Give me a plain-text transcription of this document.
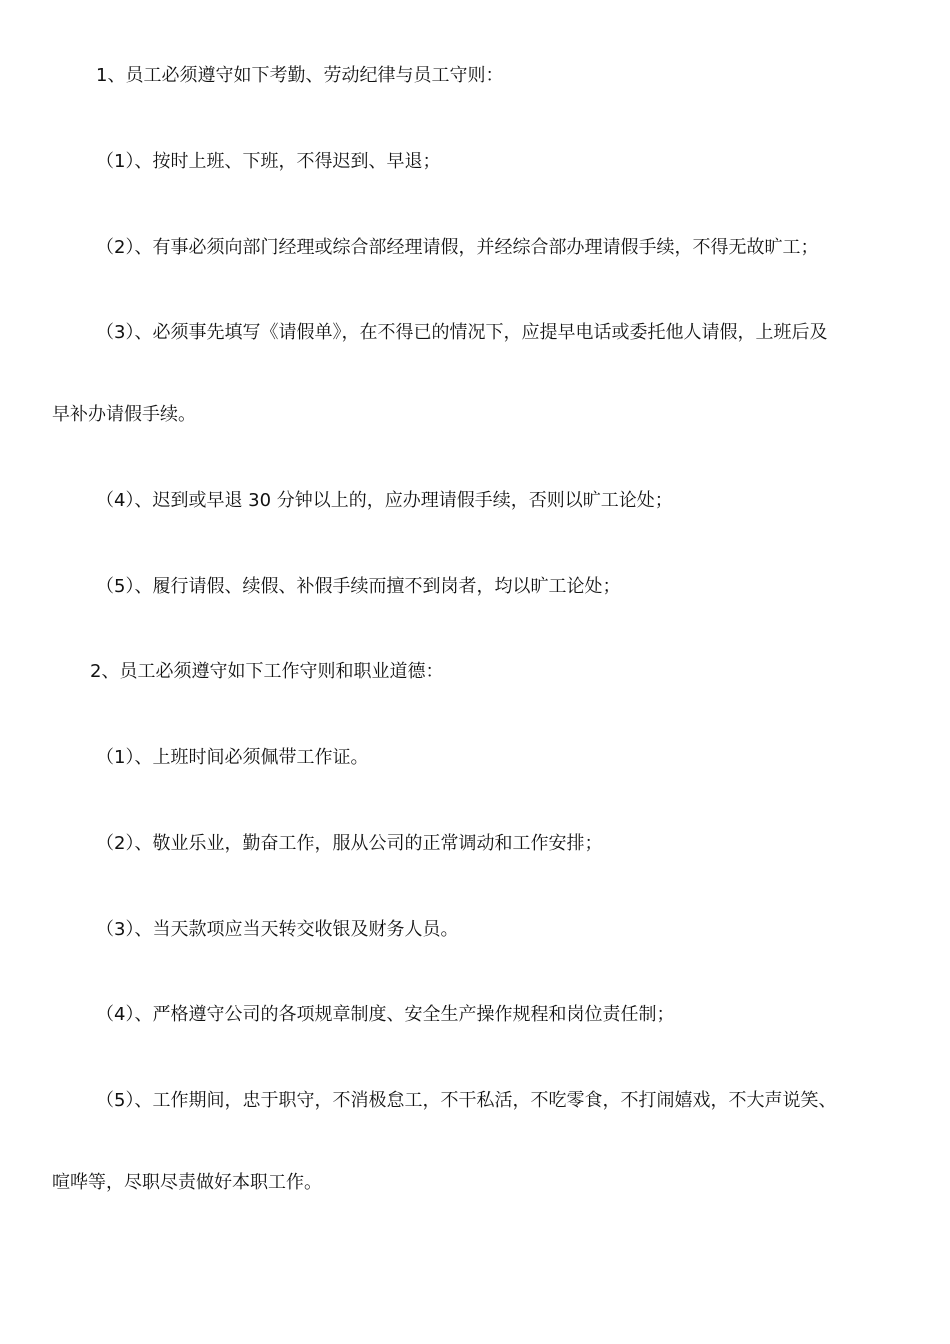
1、员工必须遵守如下考勤、劳动纪律与员工守则：
（1）、按时上班、下班，不得迟到、早退；
（2）、有事必须向部门经理或综合部经理请假，并经综合部办理请假手续，不得无故旷工；
（3）、必须事先填写《请假单》，在不得已的情况下，应提早电话或委托他人请假，上班后及
早补办请假手续。
（4）、迟到或早退 30 分钟以上的，应办理请假手续，否则以旷工论处；
（5）、履行请假、续假、补假手续而擅不到岗者，均以旷工论处；
2、员工必须遵守如下工作守则和职业道德：
（1）、上班时间必须佩带工作证。
（2）、敬业乐业，勤奋工作，服从公司的正常调动和工作安排；
（3）、当天款项应当天转交收银及财务人员。
（4）、严格遵守公司的各项规章制度、安全生产操作规程和岗位责任制；
（5）、工作期间，忠于职守，不消极怠工，不干私活，不吃零食，不打闹嬉戏，不大声说笑、
喧哗等，尽职尽责做好本职工作。
